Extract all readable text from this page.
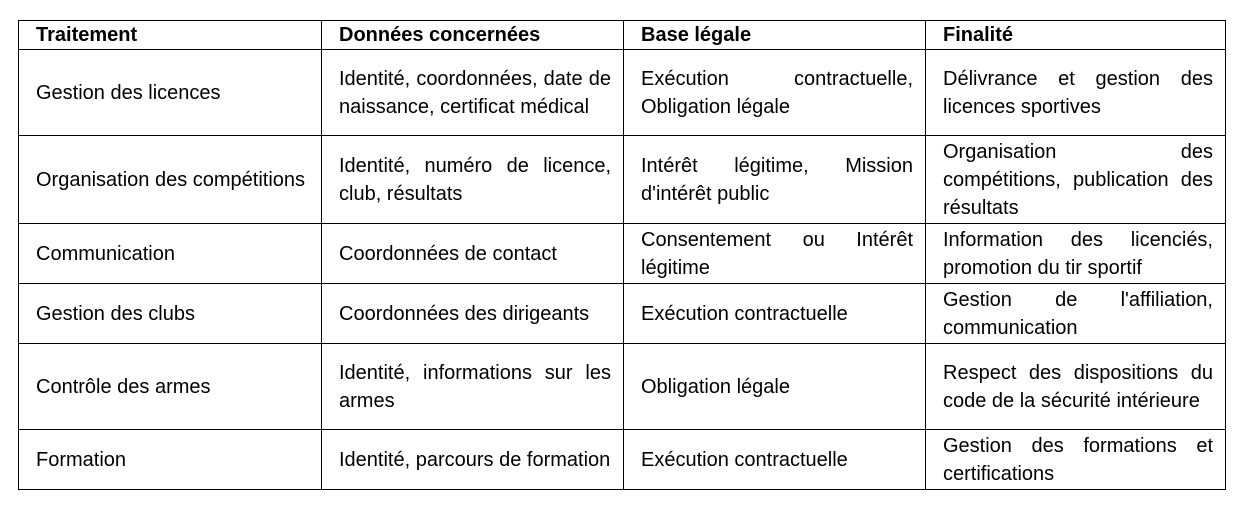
Traitement	Données concernées	Base légale	Finalité
Gestion des licences	Identité, coordonnées, date de naissance, certificat médical	Exécution contractuelle, Obligation légale	Délivrance et gestion des licences sportives
Organisation des compétitions	Identité, numéro de licence, club, résultats	Intérêt légitime, Mission d'intérêt public	Organisation des compétitions, publication des résultats
Communication	Coordonnées de contact	Consentement ou Intérêt légitime	Information des licenciés, promotion du tir sportif
Gestion des clubs	Coordonnées des dirigeants	Exécution contractuelle	Gestion de l'affiliation, communication
Contrôle des armes	Identité, informations sur les armes	Obligation légale	Respect des dispositions du code de la sécurité intérieure
Formation	Identité, parcours de formation	Exécution contractuelle	Gestion des formations et certifications
